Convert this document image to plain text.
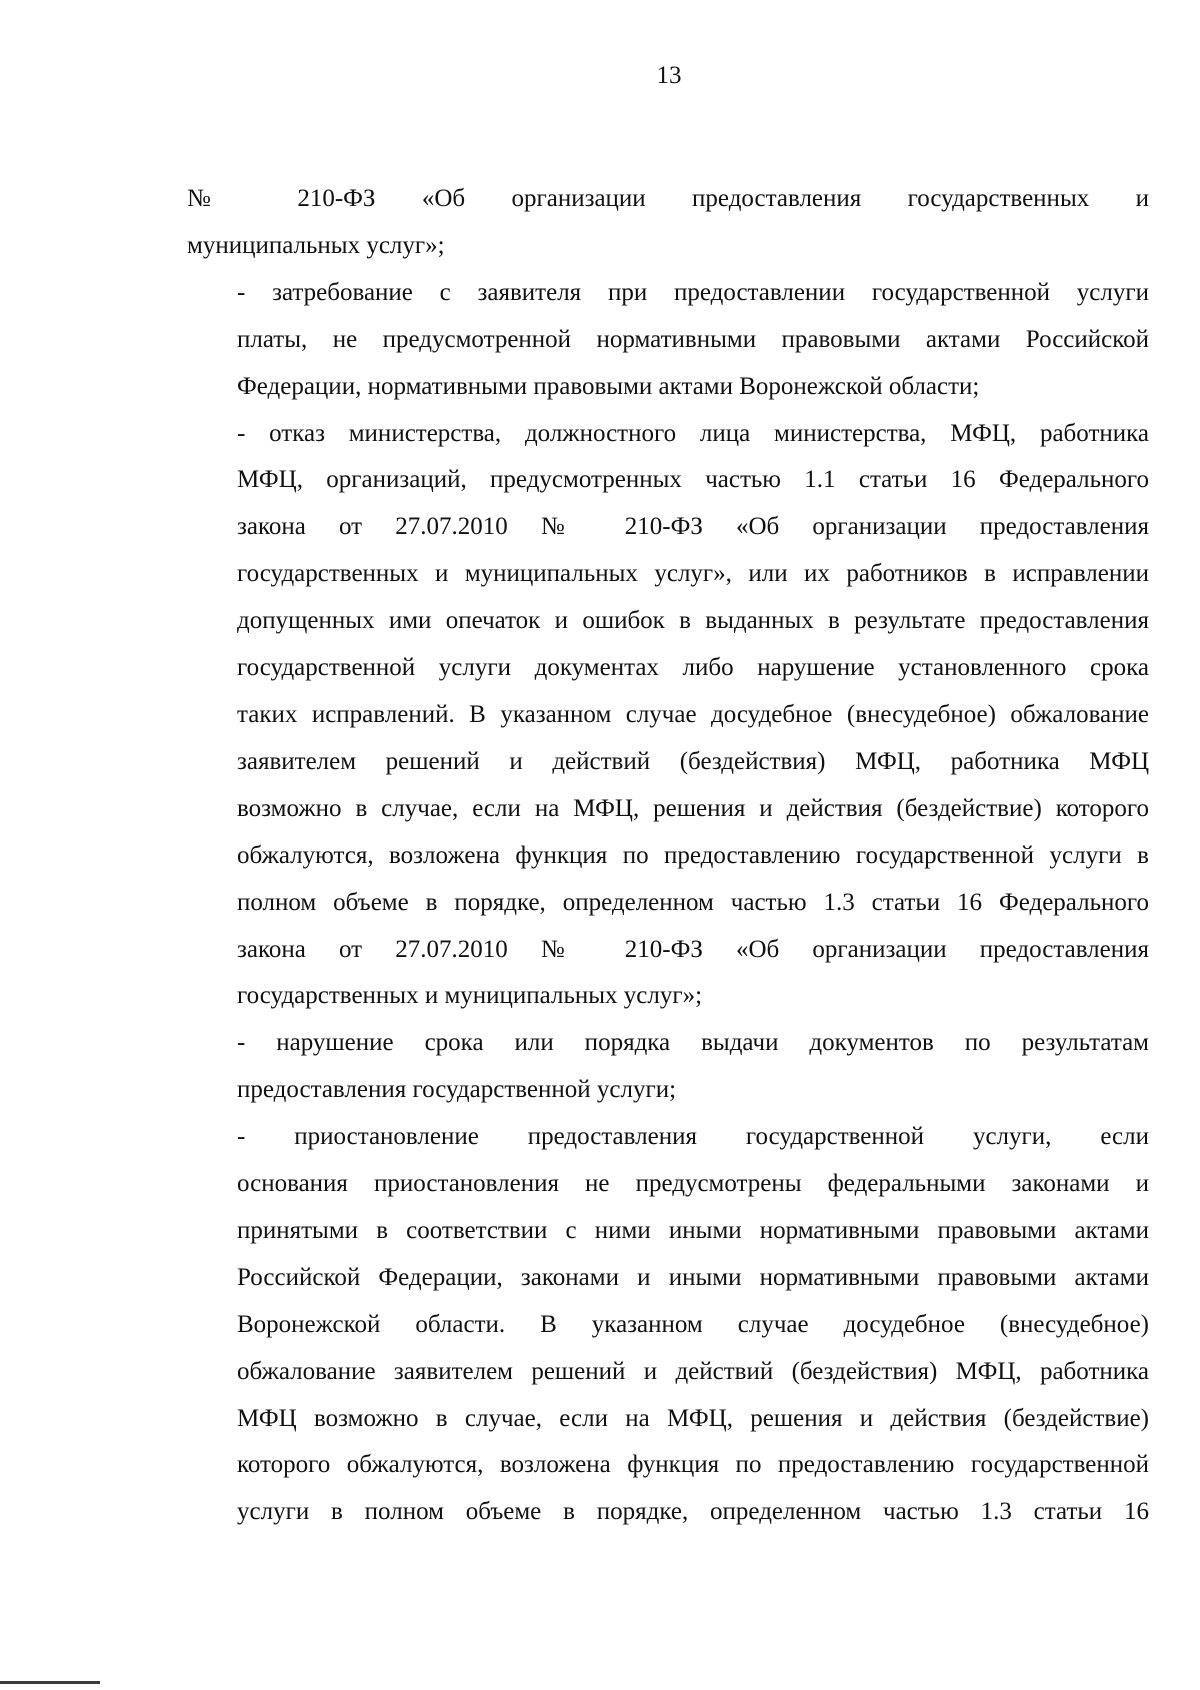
13

№ 210-ФЗ «Об организации предоставления государственных и
муниципальных услуг»;

- затребование с заявителя при предоставлении государственной услуги
платы, не предусмотренной нормативными правовыми актами Российской
Федерации, нормативными правовыми актами Воронежской области;

- отказ министерства, должностного лица министерства, МФЦ, работника
МФЦ, организаций, предусмотренных частью 1.1 статьи 16 Федерального
закона от 27.07.2010 № 210-ФЗ «Об организации предоставления
государственных и муниципальных услуг», или их работников в исправлении
допущенных ими опечаток и ошибок в выданных в результате предоставления
государственной услуги документах либо нарушение установленного срока
таких исправлений. В указанном случае досудебное (внесудебное) обжалование
заявителем решений и действий (бездействия) МФЦ, работника МФЦ
возможно в случае, если на МФЦ, решения и действия (бездействие) которого
обжалуются, возложена функция по предоставлению государственной услуги в
полном объеме в порядке, определенном частью 1.3 статьи 16 Федерального
закона от 27.07.2010 № 210-ФЗ «Об организации предоставления
государственных и муниципальных услуг»;

- нарушение срока или порядка выдачи документов по результатам
предоставления государственной услуги;

- приостановление предоставления государственной услуги, если
основания приостановления не предусмотрены федеральными законами и
принятыми в соответствии с ними иными нормативными правовыми актами
Российской Федерации, законами и иными нормативными правовыми актами
Воронежской области. В указанном случае досудебное (внесудебное)
обжалование заявителем решений и действий (бездействия) МФЦ, работника
МФЦ возможно в случае, если на МФЦ, решения и действия (бездействие)
которого обжалуются, возложена функция по предоставлению государственной
услуги в полном объеме в порядке, определенном частью 1.3 статьи 16
